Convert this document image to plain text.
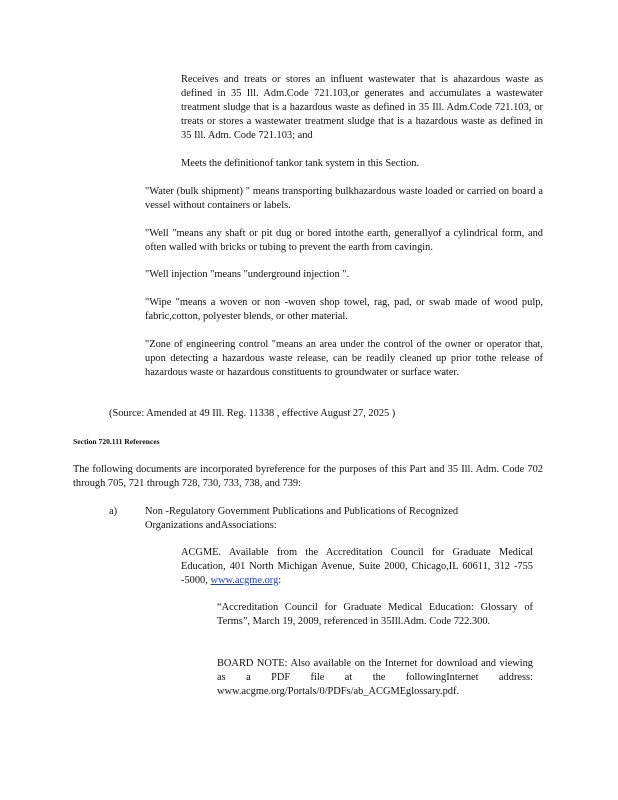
Receives and treats or stores an influent wastewater that is ahazardous waste as defined in 35 Ill. Adm.Code 721.103,or generates and accumulates a wastewater treatment sludge that is a hazardous waste as defined in 35 Ill. Adm.Code 721.103, or treats or stores a wastewater treatment sludge that is a hazardous waste as defined in 35 Ill. Adm. Code 721.103; and

Meets the definitionof tankor tank system in this Section.

"Water (bulk shipment) " means transporting bulkhazardous waste loaded or carried on board a vessel without containers or labels.

"Well "means any shaft or pit dug or bored intothe earth, generallyof a cylindrical form, and often walled with bricks or tubing to prevent the earth from cavingin.

"Well injection "means "underground injection ".

"Wipe "means a woven or non -woven shop towel, rag, pad, or swab made of wood pulp, fabric,cotton, polyester blends, or other material.

"Zone of engineering control "means an area under the control of the owner or operator that, upon detecting a hazardous waste release, can be readily cleaned up prior tothe release of hazardous waste or hazardous constituents to groundwater or surface water.

(Source: Amended at 49 Ill. Reg. 11338 , effective August 27, 2025 )

Section 720.111 References

The following documents are incorporated byreference for the purposes of this Part and 35 Ill. Adm. Code 702 through 705, 721 through 728, 730, 733, 738, and 739:

a)	Non -Regulatory Government Publications and Publications of Recognized Organizations andAssociations:

ACGME. Available from the Accreditation Council for Graduate Medical Education, 401 North Michigan Avenue, Suite 2000, Chicago,IL 60611, 312 -755 -5000, www.acgme.org:

“Accreditation Council for Graduate Medical Education: Glossary of Terms”, March 19, 2009, referenced in 35Ill.Adm. Code 722.300.

BOARD NOTE: Also available on the Internet for download and viewing as a PDF file at the followingInternet address: www.acgme.org/Portals/0/PDFs/ab_ACGMEglossary.pdf.
